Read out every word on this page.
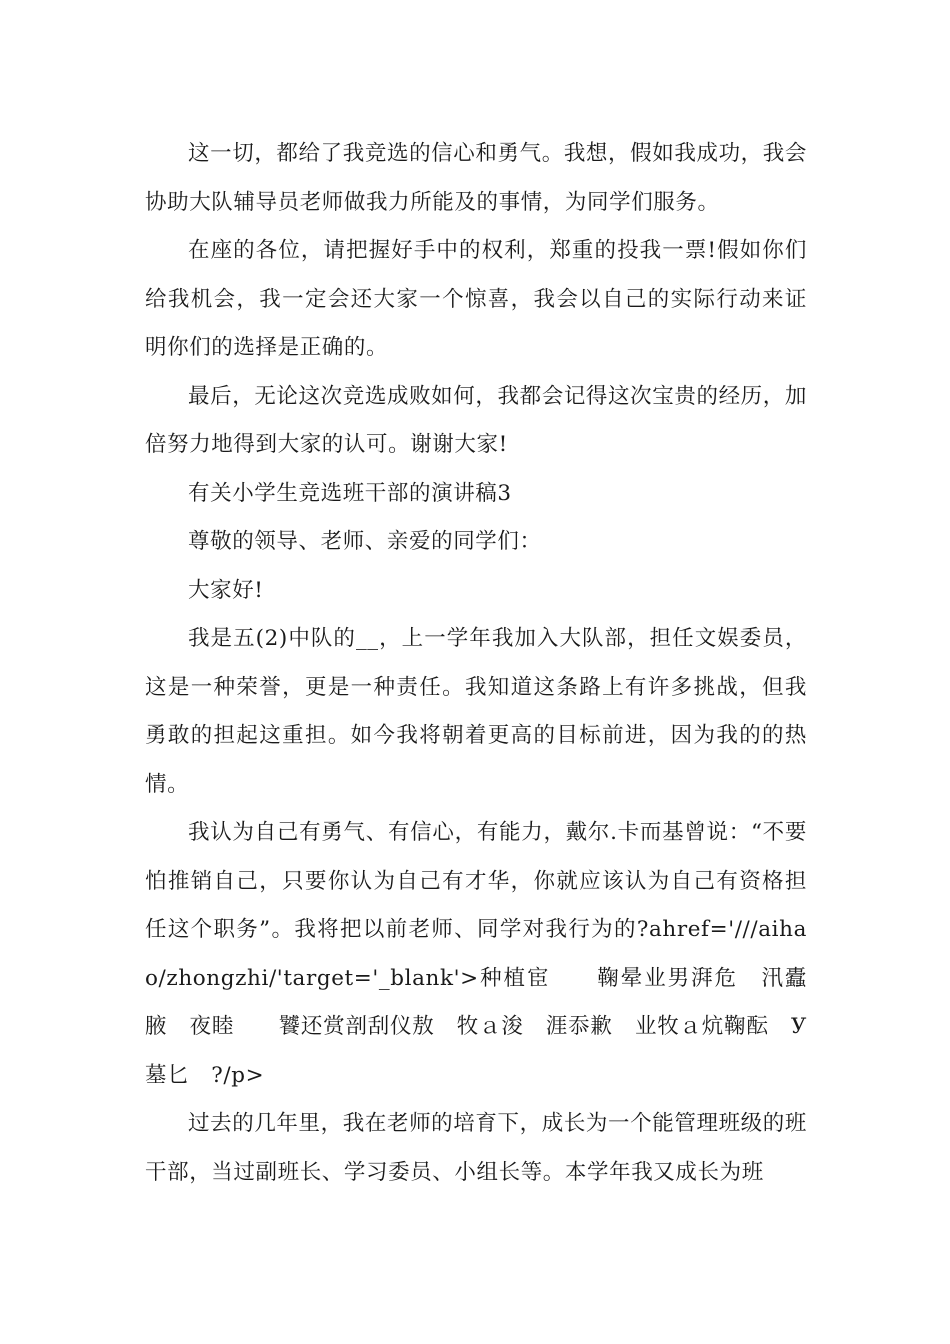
这一切，都给了我竞选的信心和勇气。我想，假如我成功，我会协助大队辅导员老师做我力所能及的事情，为同学们服务。

在座的各位，请把握好手中的权利，郑重的投我一票!假如你们给我机会，我一定会还大家一个惊喜，我会以自己的实际行动来证明你们的选择是正确的。

最后，无论这次竞选成败如何，我都会记得这次宝贵的经历，加倍努力地得到大家的认可。谢谢大家!

有关小学生竞选班干部的演讲稿3

尊敬的领导、老师、亲爱的同学们：

大家好!

我是五(2)中队的__，上一学年我加入大队部，担任文娱委员，这是一种荣誉，更是一种责任。我知道这条路上有许多挑战，但我勇敢的担起这重担。如今我将朝着更高的目标前进，因为我的的热情。

我认为自己有勇气、有信心，有能力，戴尔.卡而基曾说：“不要怕推销自己，只要你认为自己有才华，你就应该认为自己有资格担任这个职务”。我将把以前老师、同学对我行为的?ahref='///aihao/zhongzhi/'target='_blank'>种植宦　　鞠晕业男湃危　汛蠹腋　夜睦　　饕还赏剖刮仪敖　牧ａ浚　涯忝歉　业牧ａ炕鞠酝　У墓匕　?/p>

过去的几年里，我在老师的培育下，成长为一个能管理班级的班干部，当过副班长、学习委员、小组长等。本学年我又成长为班
